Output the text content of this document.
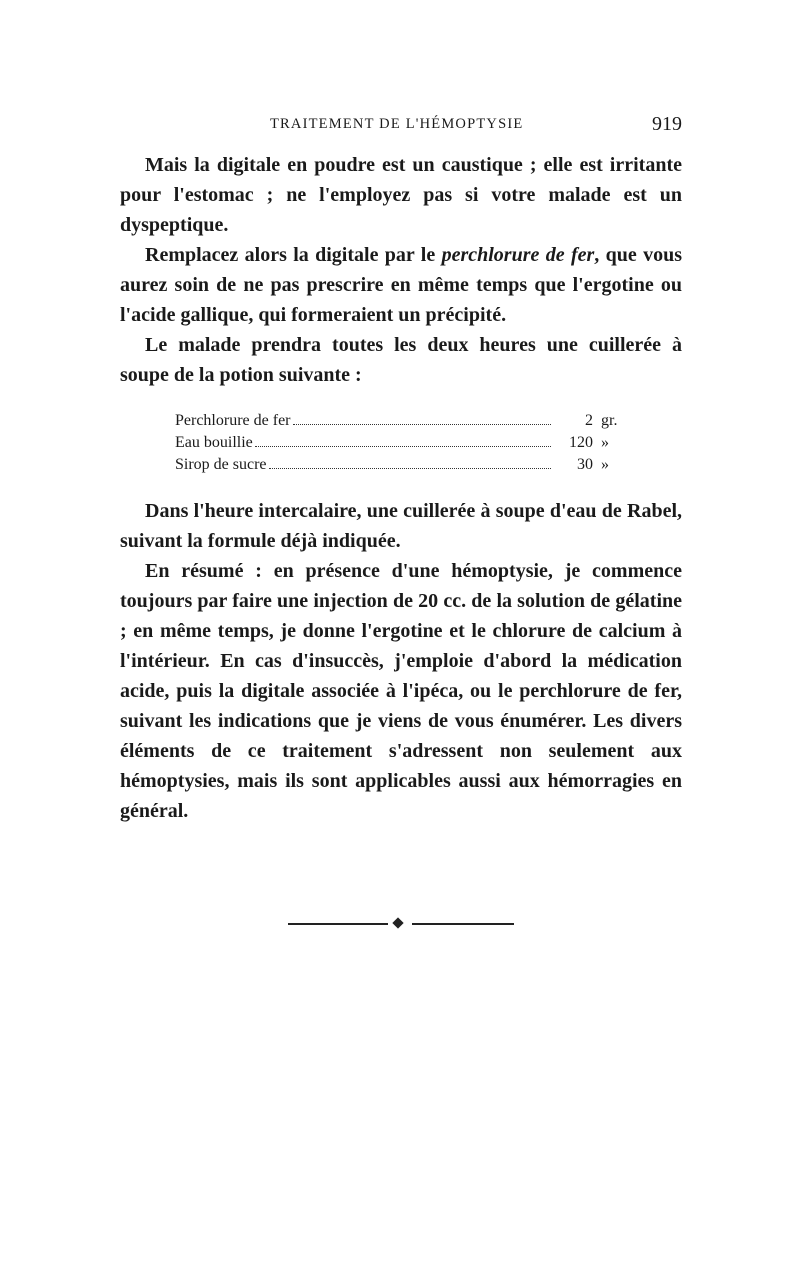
TRAITEMENT DE L'HÉMOPTYSIE	919

Mais la digitale en poudre est un caustique ; elle est irritante pour l'estomac ; ne l'employez pas si votre malade est un dyspeptique.

Remplacez alors la digitale par le perchlorure de fer, que vous aurez soin de ne pas prescrire en même temps que l'ergotine ou l'acide gallique, qui formeraient un précipité.

Le malade prendra toutes les deux heures une cuillerée à soupe de la potion suivante :

Perchlorure de fer	2 gr.
Eau bouillie	120 »
Sirop de sucre	30 »

Dans l'heure intercalaire, une cuillerée à soupe d'eau de Rabel, suivant la formule déjà indiquée.

En résumé : en présence d'une hémoptysie, je commence toujours par faire une injection de 20 cc. de la solution de gélatine ; en même temps, je donne l'ergotine et le chlorure de calcium à l'intérieur. En cas d'insuccès, j'emploie d'abord la médication acide, puis la digitale associée à l'ipéca, ou le perchlorure de fer, suivant les indications que je viens de vous énumérer. Les divers éléments de ce traitement s'adressent non seulement aux hémoptysies, mais ils sont applicables aussi aux hémorragies en général.
